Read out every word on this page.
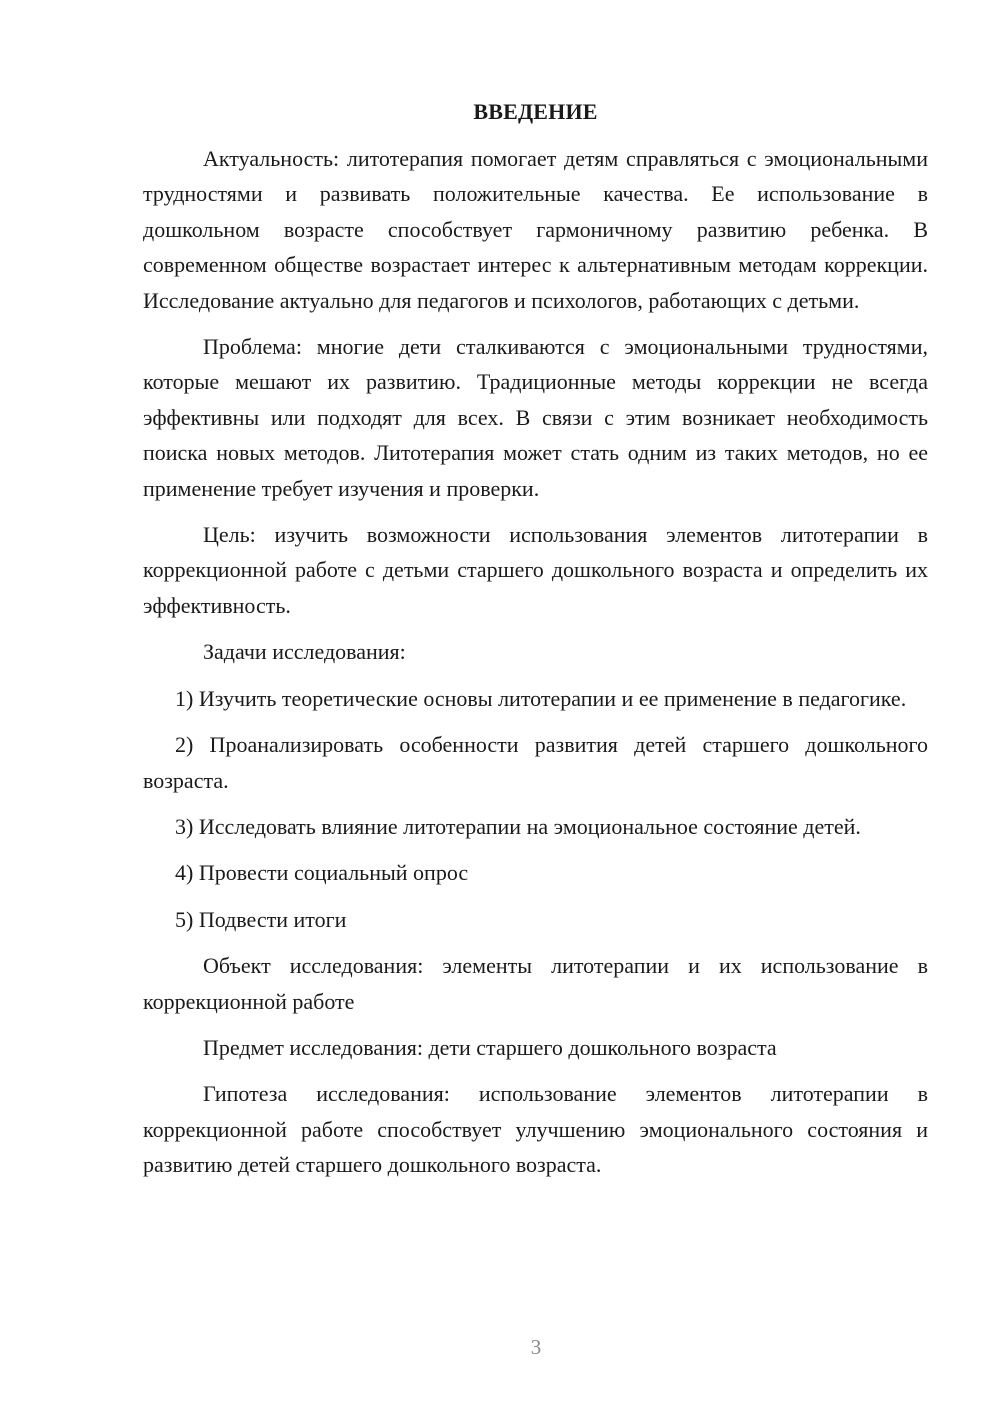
ВВЕДЕНИЕ

Актуальность: литотерапия помогает детям справляться с эмоциональными трудностями и развивать положительные качества. Ее использование в дошкольном возрасте способствует гармоничному развитию ребенка. В современном обществе возрастает интерес к альтернативным методам коррекции. Исследование актуально для педагогов и психологов, работающих с детьми.

Проблема: многие дети сталкиваются с эмоциональными трудностями, которые мешают их развитию. Традиционные методы коррекции не всегда эффективны или подходят для всех. В связи с этим возникает необходимость поиска новых методов. Литотерапия может стать одним из таких методов, но ее применение требует изучения и проверки.

Цель: изучить возможности использования элементов литотерапии в коррекционной работе с детьми старшего дошкольного возраста и определить их эффективность.

Задачи исследования:

1) Изучить теоретические основы литотерапии и ее применение в педагогике.

2) Проанализировать особенности развития детей старшего дошкольного возраста.

3) Исследовать влияние литотерапии на эмоциональное состояние детей.

4) Провести социальный опрос

5) Подвести итоги

Объект исследования: элементы литотерапии и их использование в коррекционной работе

Предмет исследования: дети старшего дошкольного возраста

Гипотеза исследования: использование элементов литотерапии в коррекционной работе способствует улучшению эмоционального состояния и развитию детей старшего дошкольного возраста.

3
